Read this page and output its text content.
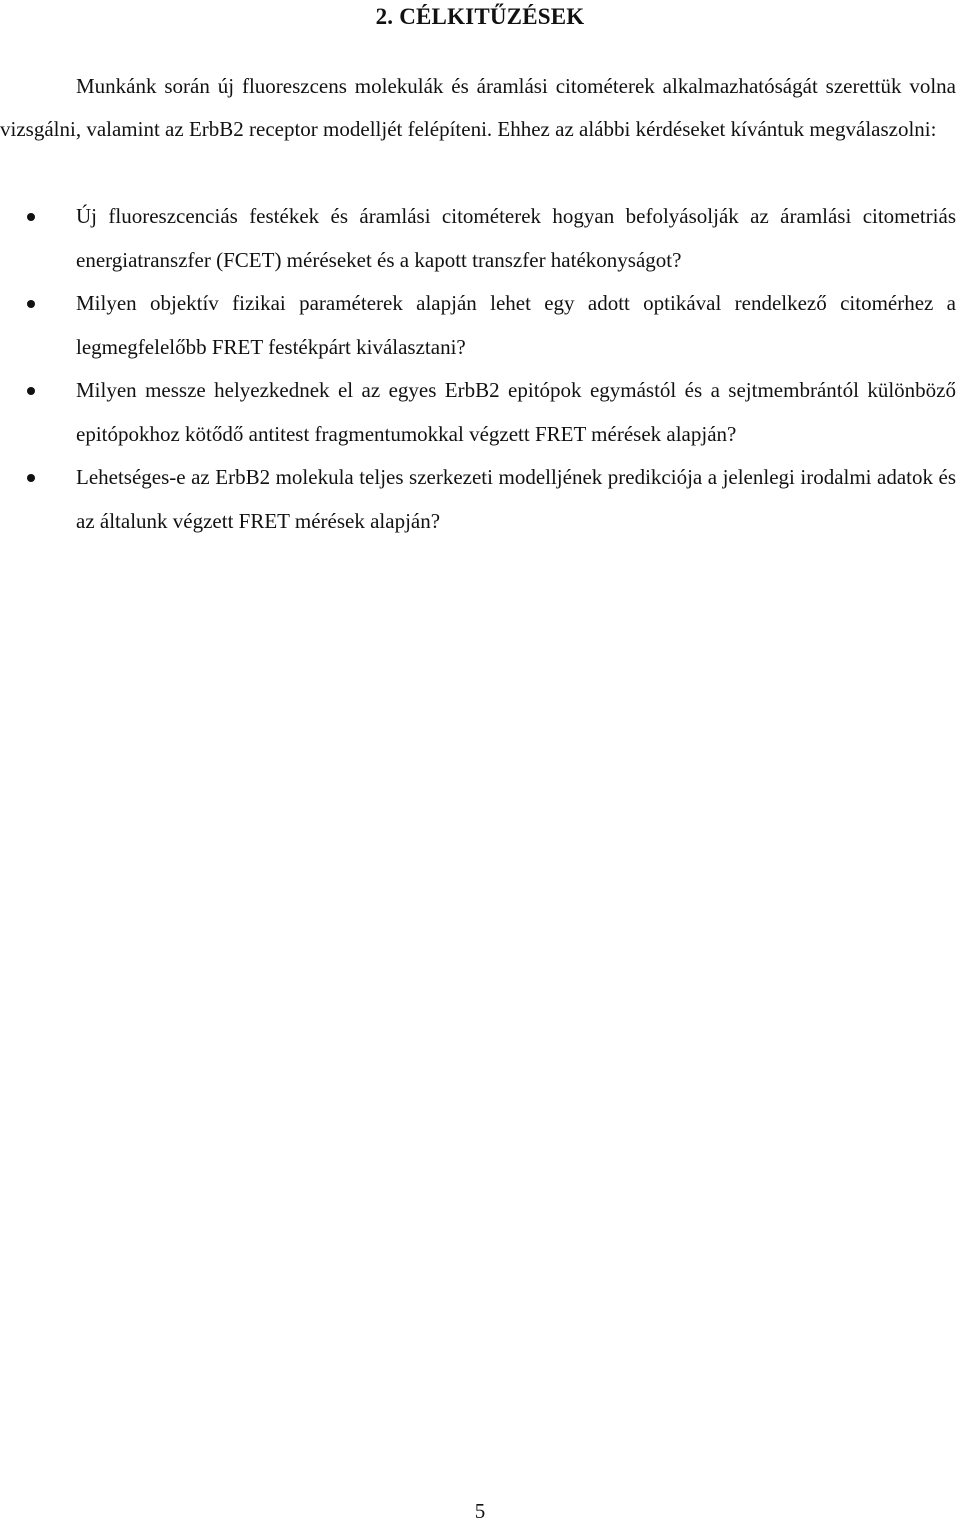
2. CÉLKITŰZÉSEK

Munkánk során új fluoreszcens molekulák és áramlási citométerek alkalmazhatóságát szerettük volna vizsgálni, valamint az ErbB2 receptor modelljét felépíteni. Ehhez az alábbi kérdéseket kívántuk megválaszolni:

Új fluoreszcenciás festékek és áramlási citométerek hogyan befolyásolják az áramlási citometriás energiatranszfer (FCET) méréseket és a kapott transzfer hatékonyságot?
Milyen objektív fizikai paraméterek alapján lehet egy adott optikával rendelkező citomérhez a legmegfelelőbb FRET festékpárt kiválasztani?
Milyen messze helyezkednek el az egyes ErbB2 epitópok egymástól és a sejtmembrántól különböző epitópokhoz kötődő antitest fragmentumokkal végzett FRET mérések alapján?
Lehetséges-e az ErbB2 molekula teljes szerkezeti modelljének predikciója a jelenlegi irodalmi adatok és az általunk végzett FRET mérések alapján?
5
